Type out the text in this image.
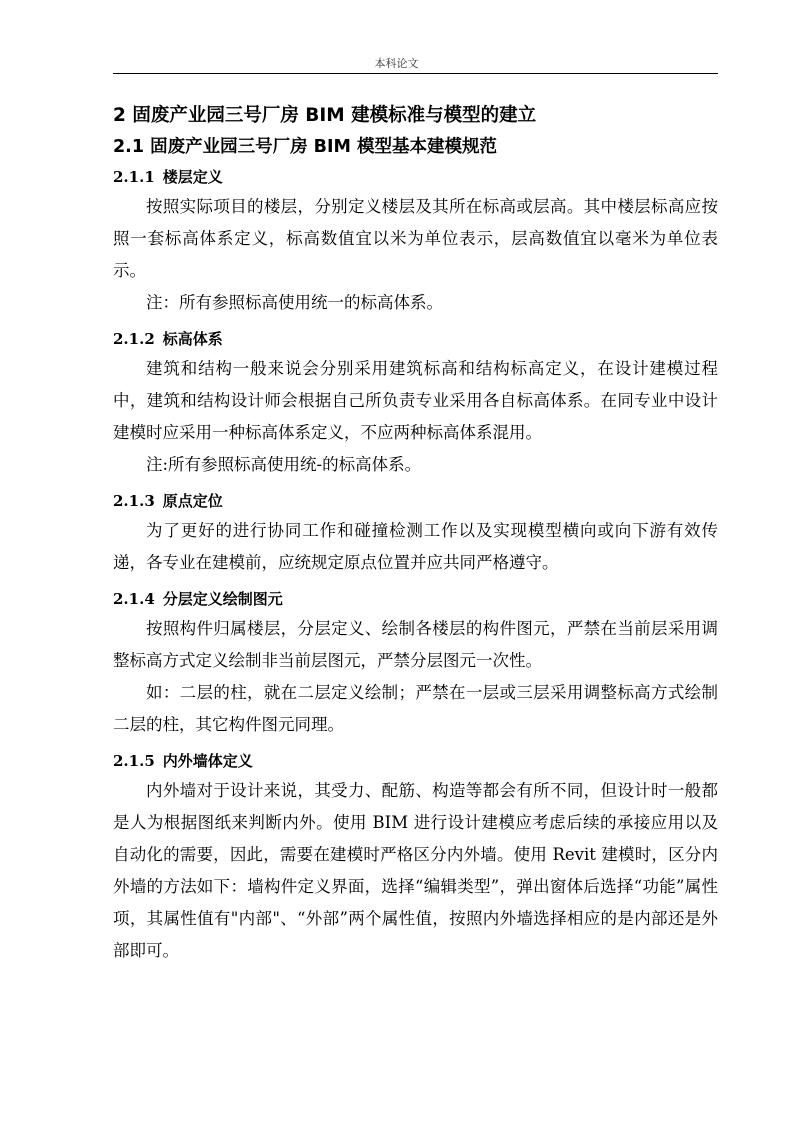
本科论文
2 固废产业园三号厂房 BIM 建模标准与模型的建立
2.1 固废产业园三号厂房 BIM 模型基本建模规范
2.1.1 楼层定义

按照实际项目的楼层，分别定义楼层及其所在标高或层高。其中楼层标高应按照一套标高体系定义，标高数值宜以米为单位表示，层高数值宜以毫米为单位表示。

注：所有参照标高使用统一的标高体系。

2.1.2 标高体系

建筑和结构一般来说会分别采用建筑标高和结构标高定义，在设计建模过程中，建筑和结构设计师会根据自己所负责专业采用各自标高体系。在同专业中设计建模时应采用一种标高体系定义，不应两种标高体系混用。

注:所有参照标高使用统-的标高体系。

2.1.3 原点定位

为了更好的进行协同工作和碰撞检测工作以及实现模型横向或向下游有效传递，各专业在建模前，应统规定原点位置并应共同严格遵守。

2.1.4 分层定义绘制图元

按照构件归属楼层，分层定义、绘制各楼层的构件图元，严禁在当前层采用调整标高方式定义绘制非当前层图元，严禁分层图元一次性。

如：二层的柱，就在二层定义绘制；严禁在一层或三层采用调整标高方式绘制二层的柱，其它构件图元同理。

2.1.5 内外墙体定义

内外墙对于设计来说，其受力、配筋、构造等都会有所不同，但设计时一般都是人为根据图纸来判断内外。使用 BIM 进行设计建模应考虑后续的承接应用以及自动化的需要，因此，需要在建模时严格区分内外墙。使用 Revit 建模时，区分内外墙的方法如下：墙构件定义界面，选择“编辑类型”，弹出窗体后选择“功能”属性项，其属性值有"内部"、“外部”两个属性值，按照内外墙选择相应的是内部还是外部即可。
